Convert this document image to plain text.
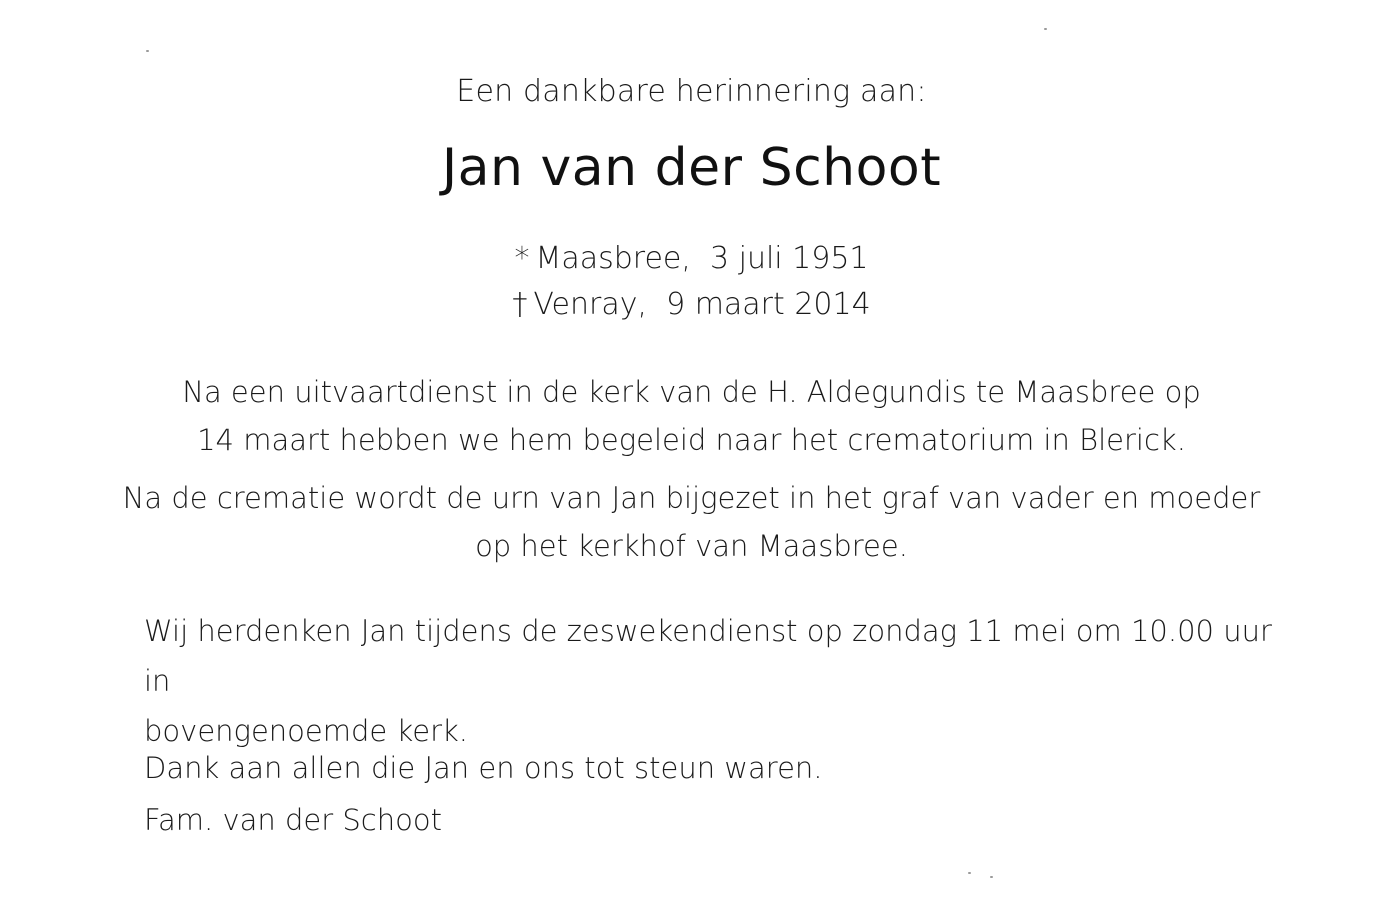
Een dankbare herinnering aan:
Jan van der Schoot
* Maasbree,  3 juli 1951
† Venray,  9 maart 2014
Na een uitvaartdienst in de kerk van de H. Aldegundis te Maasbree op
14 maart hebben we hem begeleid naar het crematorium in Blerick.
Na de crematie wordt de urn van Jan bijgezet in het graf van vader en moeder
op het kerkhof van Maasbree.
Wij herdenken Jan tijdens de zeswekendienst op zondag 11 mei om 10.00 uur in
bovengenoemde kerk.
Dank aan allen die Jan en ons tot steun waren.
Fam. van der Schoot
